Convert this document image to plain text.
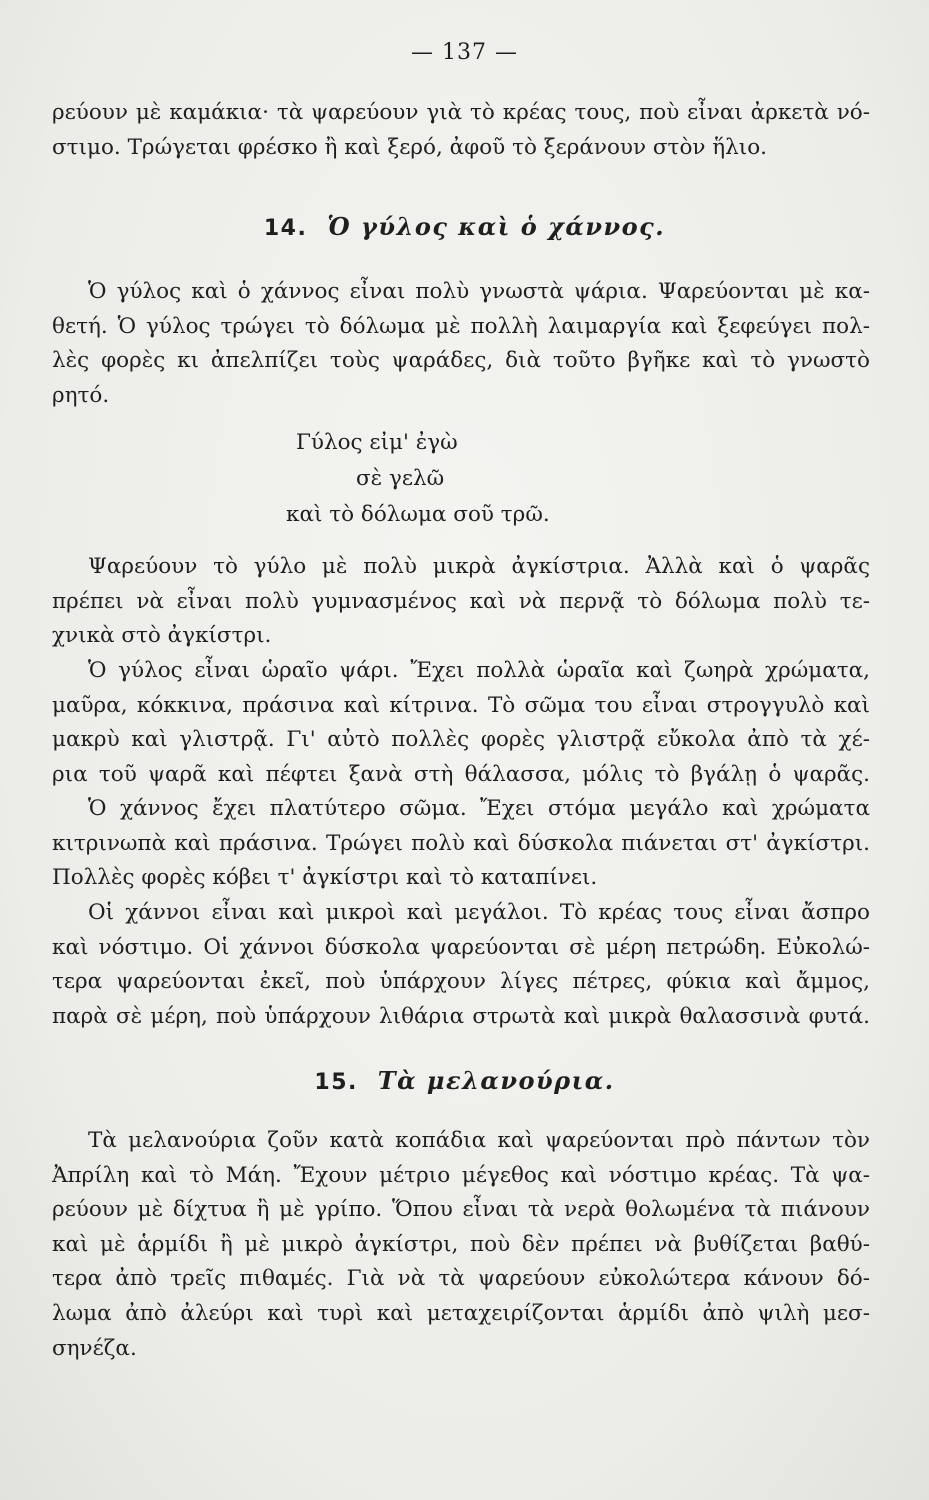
— 137 —
ρεύουν μὲ καμάκια· τὰ ψαρεύουν γιὰ τὸ κρέας τους, ποὺ εἶναι ἀρκετὰ νό-
στιμο. Τρώγεται φρέσκο ἢ καὶ ξερό, ἀφοῦ τὸ ξεράνουν στὸν ἥλιο.
14. Ὁ γύλος καὶ ὁ χάννος.
Ὁ γύλος καὶ ὁ χάννος εἶναι πολὺ γνωστὰ ψάρια. Ψαρεύονται μὲ κα-
θετή. Ὁ γύλος τρώγει τὸ δόλωμα μὲ πολλὴ λαιμαργία καὶ ξεφεύγει πολ-
λὲς φορὲς κι ἀπελπίζει τοὺς ψαράδες, διὰ τοῦτο βγῆκε καὶ τὸ γνωστὸ
ρητό.
Γύλος εἰμ' ἐγὼ
σὲ γελῶ
καὶ τὸ δόλωμα σοῦ τρῶ.
Ψαρεύουν τὸ γύλο μὲ πολὺ μικρὰ ἀγκίστρια. Ἀλλὰ καὶ ὁ ψαρᾶς
πρέπει νὰ εἶναι πολὺ γυμνασμένος καὶ νὰ περνᾷ τὸ δόλωμα πολὺ τε-
χνικὰ στὸ ἀγκίστρι.
Ὁ γύλος εἶναι ὡραῖο ψάρι. Ἔχει πολλὰ ὡραῖα καὶ ζωηρὰ χρώματα,
μαῦρα, κόκκινα, πράσινα καὶ κίτρινα. Τὸ σῶμα του εἶναι στρογγυλὸ καὶ
μακρὺ καὶ γλιστρᾷ. Γι' αὐτὸ πολλὲς φορὲς γλιστρᾷ εὔκολα ἀπὸ τὰ χέ-
ρια τοῦ ψαρᾶ καὶ πέφτει ξανὰ στὴ θάλασσα, μόλις τὸ βγάλῃ ὁ ψαρᾶς.
Ὁ χάννος ἔχει πλατύτερο σῶμα. Ἔχει στόμα μεγάλο καὶ χρώματα
κιτρινωπὰ καὶ πράσινα. Τρώγει πολὺ καὶ δύσκολα πιάνεται στ' ἀγκίστρι.
Πολλὲς φορὲς κόβει τ' ἀγκίστρι καὶ τὸ καταπίνει.
Οἱ χάννοι εἶναι καὶ μικροὶ καὶ μεγάλοι. Τὸ κρέας τους εἶναι ἄσπρο
καὶ νόστιμο. Οἱ χάννοι δύσκολα ψαρεύονται σὲ μέρη πετρώδη. Εὐκολώ-
τερα ψαρεύονται ἐκεῖ, ποὺ ὑπάρχουν λίγες πέτρες, φύκια καὶ ἄμμος,
παρὰ σὲ μέρη, ποὺ ὑπάρχουν λιθάρια στρωτὰ καὶ μικρὰ θαλασσινὰ φυτά.
15. Τὰ μελανούρια.
Τὰ μελανούρια ζοῦν κατὰ κοπάδια καὶ ψαρεύονται πρὸ πάντων τὸν
Ἀπρίλη καὶ τὸ Μάη. Ἔχουν μέτριο μέγεθος καὶ νόστιμο κρέας. Τὰ ψα-
ρεύουν μὲ δίχτυα ἢ μὲ γρίπο. Ὅπου εἶναι τὰ νερὰ θολωμένα τὰ πιάνουν
καὶ μὲ ἁρμίδι ἢ μὲ μικρὸ ἀγκίστρι, ποὺ δὲν πρέπει νὰ βυθίζεται βαθύ-
τερα ἀπὸ τρεῖς πιθαμές. Γιὰ νὰ τὰ ψαρεύουν εὐκολώτερα κάνουν δό-
λωμα ἀπὸ ἀλεύρι καὶ τυρὶ καὶ μεταχειρίζονται ἁρμίδι ἀπὸ ψιλὴ μεσ-
σηνέζα.
